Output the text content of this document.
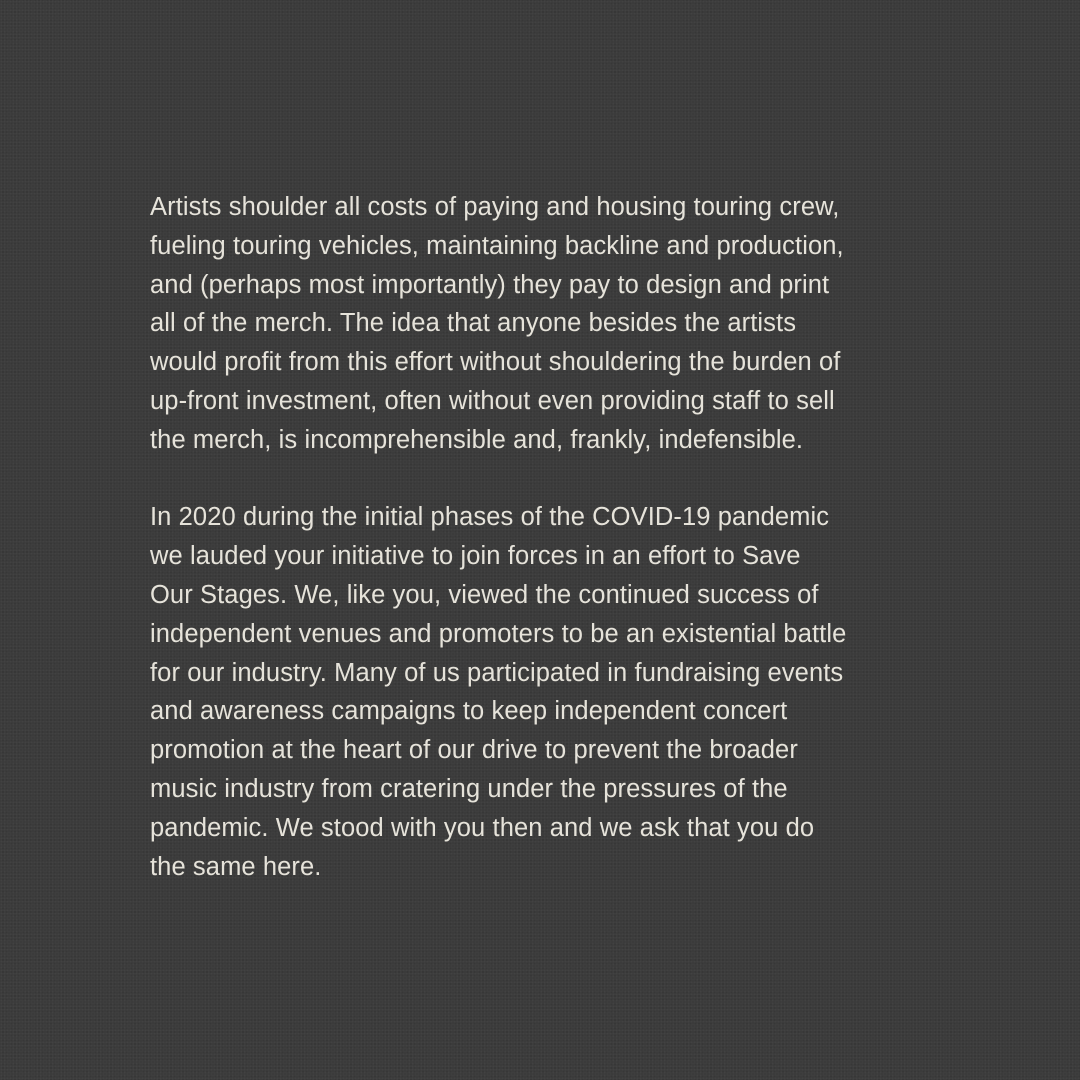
Artists shoulder all costs of paying and housing touring crew,
fueling touring vehicles, maintaining backline and production,
and (perhaps most importantly) they pay to design and print
all of the merch. The idea that anyone besides the artists
would profit from this effort without shouldering the burden of
up-front investment, often without even providing staff to sell
the merch, is incomprehensible and, frankly, indefensible.

In 2020 during the initial phases of the COVID-19 pandemic
we lauded your initiative to join forces in an effort to Save
Our Stages. We, like you, viewed the continued success of
independent venues and promoters to be an existential battle
for our industry. Many of us participated in fundraising events
and awareness campaigns to keep independent concert
promotion at the heart of our drive to prevent the broader
music industry from cratering under the pressures of the
pandemic. We stood with you then and we ask that you do
the same here.
